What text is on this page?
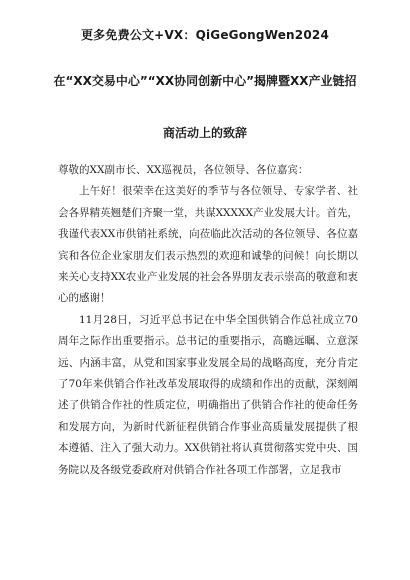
更多免费公文+VX：QiGeGongWen2024
在“XX交易中心”“XX协同创新中心”揭牌暨XX产业链招
商活动上的致辞

尊敬的XX副市长、XX巡视员，各位领导、各位嘉宾：

上午好！很荣幸在这美好的季节与各位领导、专家学者、社会各界精英翘楚们齐聚一堂，共谋XXXXX产业发展大计。首先，我谨代表XX市供销社系统，向莅临此次活动的各位领导、各位嘉宾和各位企业家朋友们表示热烈的欢迎和诚挚的问候！向长期以来关心支持XX农业产业发展的社会各界朋友表示崇高的敬意和衷心的感谢！

11月28日，习近平总书记在中华全国供销合作总社成立70周年之际作出重要指示。总书记的重要指示，高瞻远瞩、立意深远、内涵丰富，从党和国家事业发展全局的战略高度，充分肯定了70年来供销合作社改革发展取得的成绩和作出的贡献，深刻阐述了供销合作社的性质定位，明确指出了供销合作社的使命任务和发展方向，为新时代新征程供销合作事业高质量发展提供了根本遵循、注入了强大动力。XX供销社将认真贯彻落实党中央、国务院以及各级党委政府对供销合作社各项工作部署，立足我市
